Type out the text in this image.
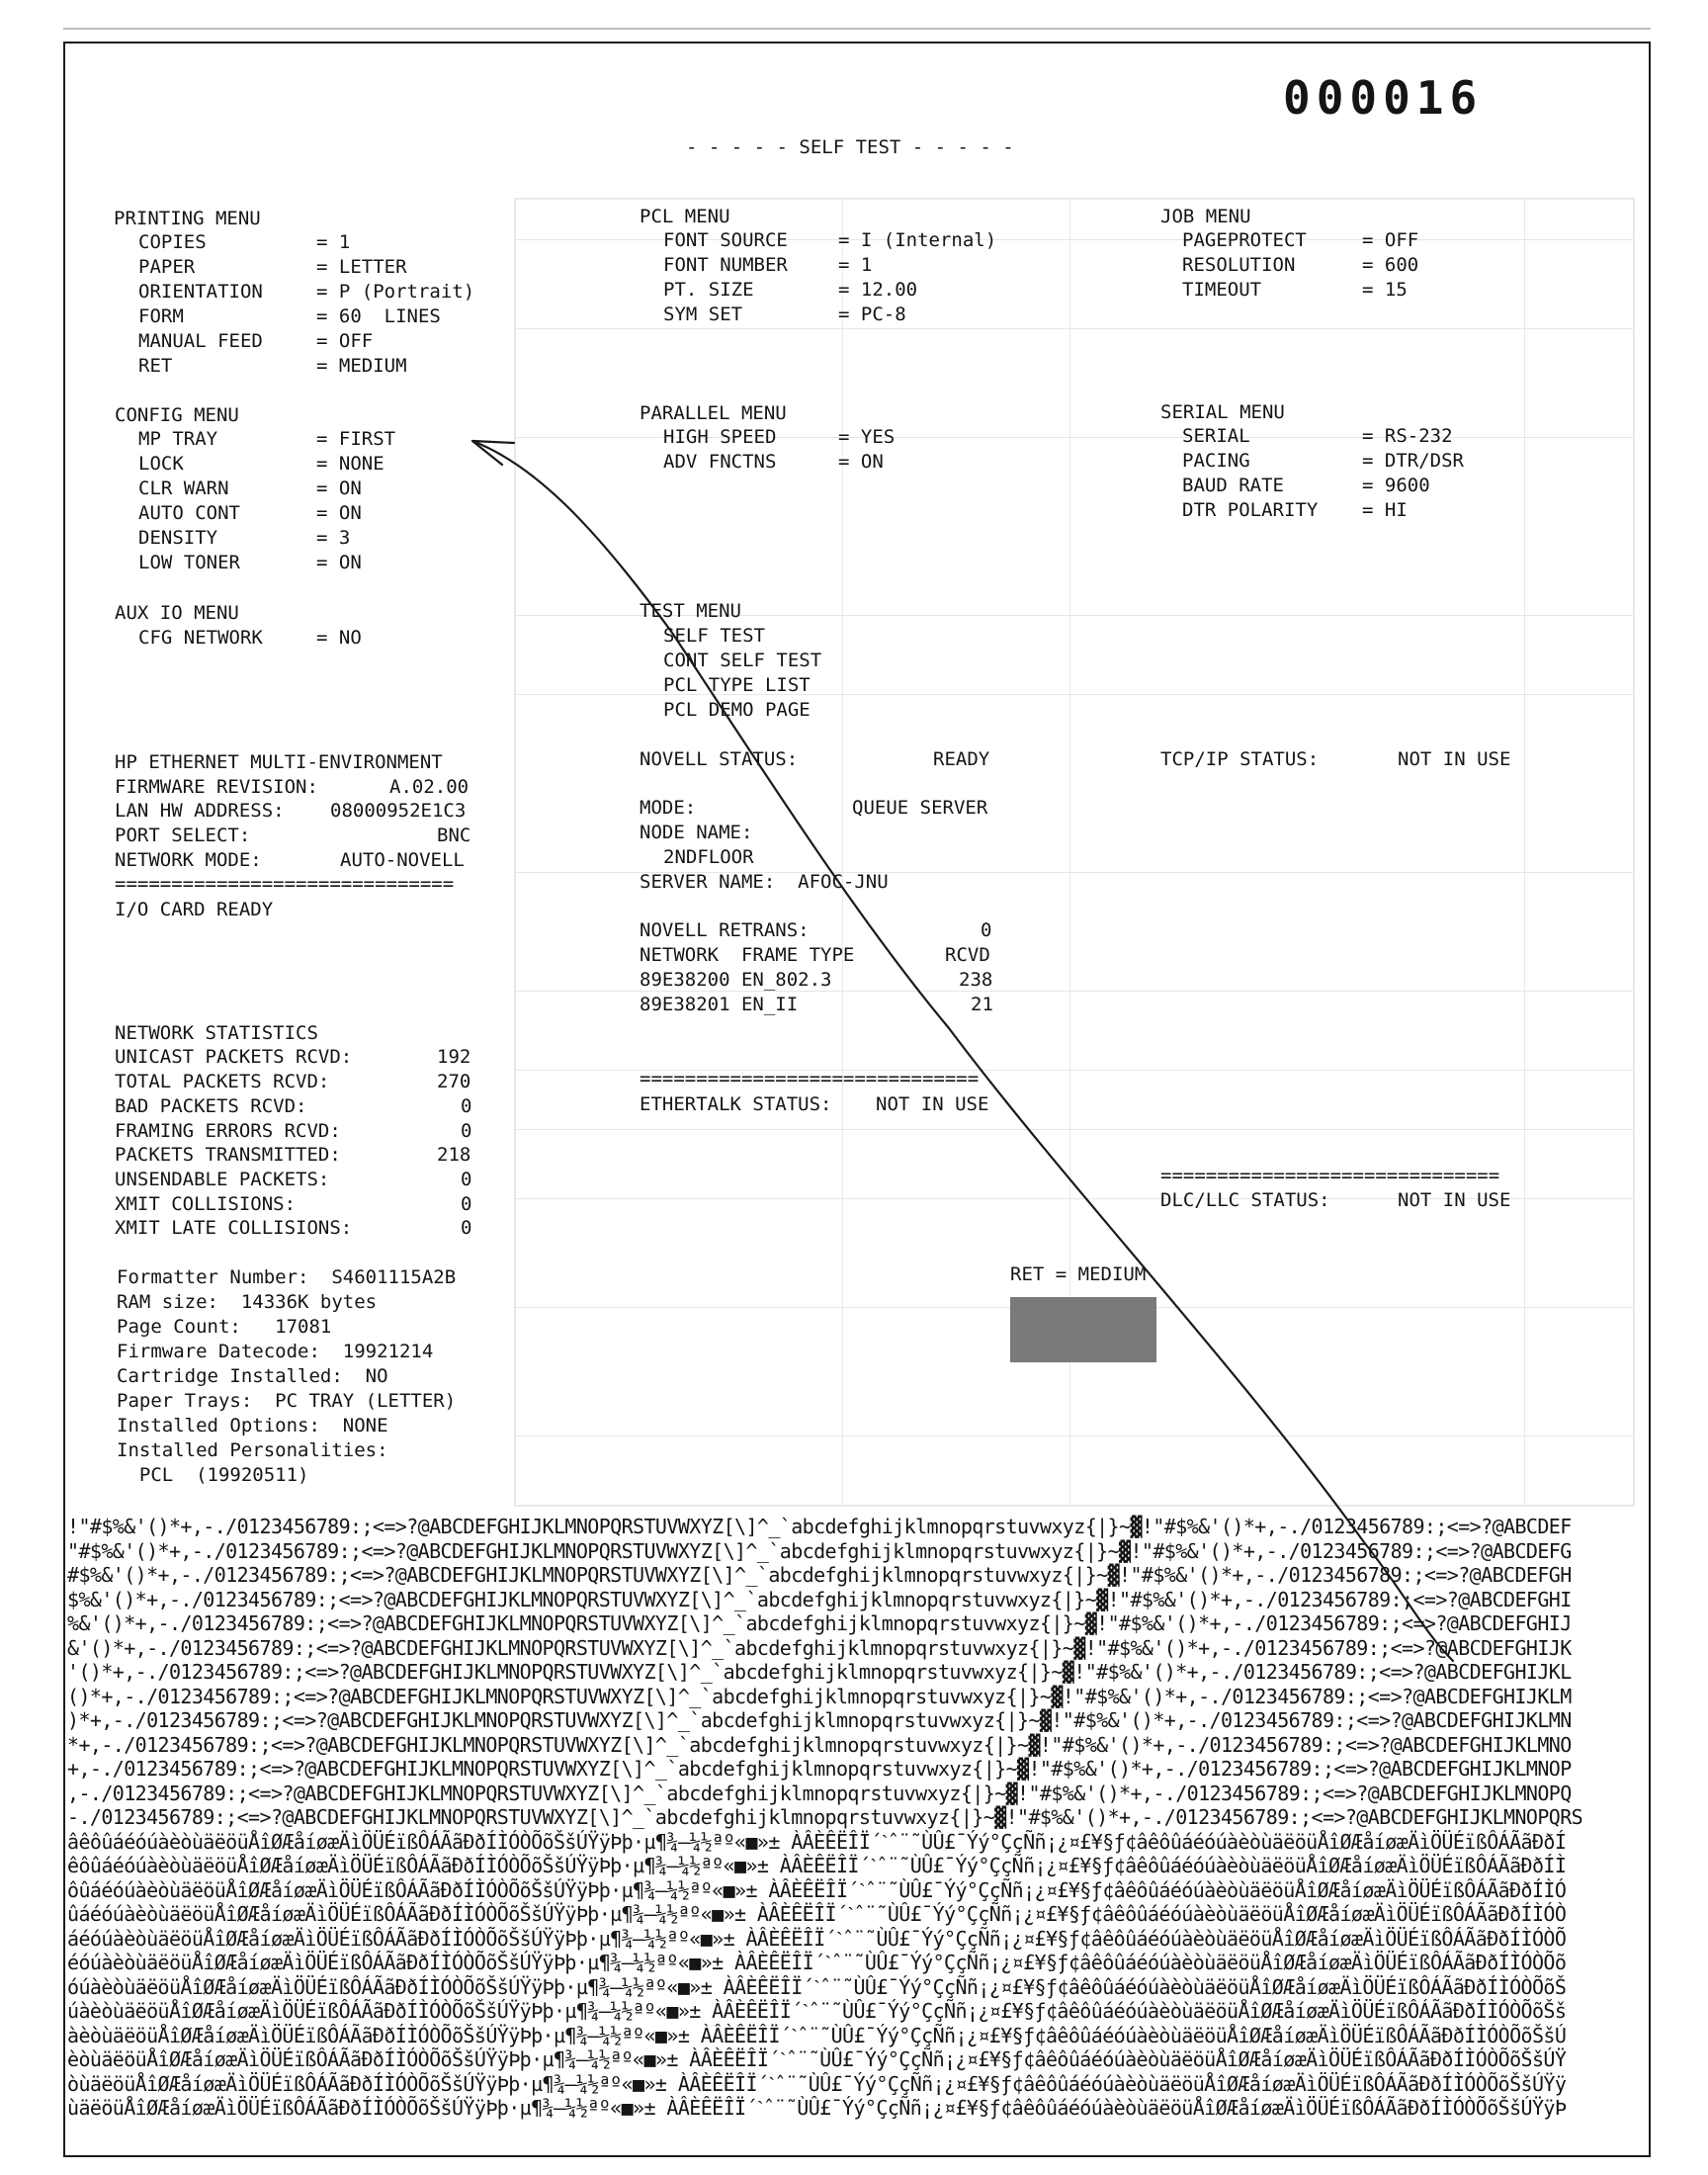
000016
- - - - - SELF TEST - - - - -
PRINTING MENU
COPIES	= 1
PAPER	= LETTER
ORIENTATION	= P (Portrait)
FORM	= 60  LINES
MANUAL FEED	= OFF
RET	= MEDIUM
PCL MENU
FONT SOURCE	= I (Internal)
FONT NUMBER	= 1
PT. SIZE	= 12.00
SYM SET	= PC-8
JOB MENU
PAGEPROTECT	= OFF
RESOLUTION	= 600
TIMEOUT	= 15
CONFIG MENU
MP TRAY	= FIRST
LOCK	= NONE
CLR WARN	= ON
AUTO CONT	= ON
DENSITY	= 3
LOW TONER	= ON
PARALLEL MENU
HIGH SPEED	= YES
ADV FNCTNS	= ON
SERIAL MENU
SERIAL	= RS-232
PACING	= DTR/DSR
BAUD RATE	= 9600
DTR POLARITY = HI
AUX IO MENU
CFG NETWORK	= NO
TEST MENU
SELF TEST
CONT SELF TEST
PCL TYPE LIST
PCL DEMO PAGE
HP ETHERNET MULTI-ENVIRONMENT
FIRMWARE REVISION:	A.02.00
LAN HW ADDRESS: 08000952E1C3
PORT SELECT:	BNC
NETWORK MODE:	AUTO-NOVELL
==============================
I/O CARD READY
NOVELL STATUS:	READY
MODE:	QUEUE SERVER
NODE NAME:
2NDFLOOR
SERVER NAME:  AFOC-JNU
NOVELL RETRANS:	0
NETWORK  FRAME TYPE	RCVD
89E38200 EN_802.3	238
89E38201 EN_II	21
TCP/IP STATUS:	NOT IN USE
==============================
ETHERTALK STATUS: NOT IN USE
==============================
DLC/LLC STATUS:	NOT IN USE
NETWORK STATISTICS
UNICAST PACKETS RCVD:	192
TOTAL PACKETS RCVD:	270
BAD PACKETS RCVD:	0
FRAMING ERRORS RCVD:	0
PACKETS TRANSMITTED:	218
UNSENDABLE PACKETS:	0
XMIT COLLISIONS:	0
XMIT LATE COLLISIONS:	0
Formatter Number:  S4601115A2B
RAM size:  14336K bytes
Page Count:   17081
Firmware Datecode:  19921214
Cartridge Installed:  NO
Paper Trays:  PC TRAY (LETTER)
Installed Options:  NONE
Installed Personalities:
PCL  (19920511)
RET = MEDIUM
!"#$%&'()*+,-./0123456789:;<=>?@ABCDEFGHIJKLMNOPQRSTUVWXYZ[\]^_`abcdefghijklmnopqrstuvwxyz{|}~▓!"#$%&'()*+,-./0123456789:;<=>?@ABCDEF
"#$%&'()*+,-./0123456789:;<=>?@ABCDEFGHIJKLMNOPQRSTUVWXYZ[\]^_`abcdefghijklmnopqrstuvwxyz{|}~▓!"#$%&'()*+,-./0123456789:;<=>?@ABCDEFG
#$%&'()*+,-./0123456789:;<=>?@ABCDEFGHIJKLMNOPQRSTUVWXYZ[\]^_`abcdefghijklmnopqrstuvwxyz{|}~▓!"#$%&'()*+,-./0123456789:;<=>?@ABCDEFGH
$%&'()*+,-./0123456789:;<=>?@ABCDEFGHIJKLMNOPQRSTUVWXYZ[\]^_`abcdefghijklmnopqrstuvwxyz{|}~▓!"#$%&'()*+,-./0123456789:;<=>?@ABCDEFGHI
%&'()*+,-./0123456789:;<=>?@ABCDEFGHIJKLMNOPQRSTUVWXYZ[\]^_`abcdefghijklmnopqrstuvwxyz{|}~▓!"#$%&'()*+,-./0123456789:;<=>?@ABCDEFGHIJ
&'()*+,-./0123456789:;<=>?@ABCDEFGHIJKLMNOPQRSTUVWXYZ[\]^_`abcdefghijklmnopqrstuvwxyz{|}~▓!"#$%&'()*+,-./0123456789:;<=>?@ABCDEFGHIJK
'()*+,-./0123456789:;<=>?@ABCDEFGHIJKLMNOPQRSTUVWXYZ[\]^_`abcdefghijklmnopqrstuvwxyz{|}~▓!"#$%&'()*+,-./0123456789:;<=>?@ABCDEFGHIJKL
()*+,-./0123456789:;<=>?@ABCDEFGHIJKLMNOPQRSTUVWXYZ[\]^_`abcdefghijklmnopqrstuvwxyz{|}~▓!"#$%&'()*+,-./0123456789:;<=>?@ABCDEFGHIJKLM
)*+,-./0123456789:;<=>?@ABCDEFGHIJKLMNOPQRSTUVWXYZ[\]^_`abcdefghijklmnopqrstuvwxyz{|}~▓!"#$%&'()*+,-./0123456789:;<=>?@ABCDEFGHIJKLMN
*+,-./0123456789:;<=>?@ABCDEFGHIJKLMNOPQRSTUVWXYZ[\]^_`abcdefghijklmnopqrstuvwxyz{|}~▓!"#$%&'()*+,-./0123456789:;<=>?@ABCDEFGHIJKLMNO
+,-./0123456789:;<=>?@ABCDEFGHIJKLMNOPQRSTUVWXYZ[\]^_`abcdefghijklmnopqrstuvwxyz{|}~▓!"#$%&'()*+,-./0123456789:;<=>?@ABCDEFGHIJKLMNOP
,-./0123456789:;<=>?@ABCDEFGHIJKLMNOPQRSTUVWXYZ[\]^_`abcdefghijklmnopqrstuvwxyz{|}~▓!"#$%&'()*+,-./0123456789:;<=>?@ABCDEFGHIJKLMNOPQ
-./0123456789:;<=>?@ABCDEFGHIJKLMNOPQRSTUVWXYZ[\]^_`abcdefghijklmnopqrstuvwxyz{|}~▓!"#$%&'()*+,-./0123456789:;<=>?@ABCDEFGHIJKLMNOPQRS
âêôûáéóúàèòùäëöüÅîØÆåíøæÄìÖÜÉïßÔÁÃãÐðÍÌÓÒÕõŠšÚŸÿÞþ·µ¶¾—¼½ªº«■»± ÀÂÈÊËÎÏ´ˋˆ¨˜ÙÛ£¯Ýý°ÇçÑñ¡¿¤£¥§ƒ¢âêôûáéóúàèòùäëöüÅîØÆåíøæÄìÖÜÉïßÔÁÃãÐðÍ
êôûáéóúàèòùäëöüÅîØÆåíøæÄìÖÜÉïßÔÁÃãÐðÍÌÓÒÕõŠšÚŸÿÞþ·µ¶¾—¼½ªº«■»± ÀÂÈÊËÎÏ´ˋˆ¨˜ÙÛ£¯Ýý°ÇçÑñ¡¿¤£¥§ƒ¢âêôûáéóúàèòùäëöüÅîØÆåíøæÄìÖÜÉïßÔÁÃãÐðÍÌ
ôûáéóúàèòùäëöüÅîØÆåíøæÄìÖÜÉïßÔÁÃãÐðÍÌÓÒÕõŠšÚŸÿÞþ·µ¶¾—¼½ªº«■»± ÀÂÈÊËÎÏ´ˋˆ¨˜ÙÛ£¯Ýý°ÇçÑñ¡¿¤£¥§ƒ¢âêôûáéóúàèòùäëöüÅîØÆåíøæÄìÖÜÉïßÔÁÃãÐðÍÌÓ
ûáéóúàèòùäëöüÅîØÆåíøæÄìÖÜÉïßÔÁÃãÐðÍÌÓÒÕõŠšÚŸÿÞþ·µ¶¾—¼½ªº«■»± ÀÂÈÊËÎÏ´ˋˆ¨˜ÙÛ£¯Ýý°ÇçÑñ¡¿¤£¥§ƒ¢âêôûáéóúàèòùäëöüÅîØÆåíøæÄìÖÜÉïßÔÁÃãÐðÍÌÓÒ
áéóúàèòùäëöüÅîØÆåíøæÄìÖÜÉïßÔÁÃãÐðÍÌÓÒÕõŠšÚŸÿÞþ·µ¶¾—¼½ªº«■»± ÀÂÈÊËÎÏ´ˋˆ¨˜ÙÛ£¯Ýý°ÇçÑñ¡¿¤£¥§ƒ¢âêôûáéóúàèòùäëöüÅîØÆåíøæÄìÖÜÉïßÔÁÃãÐðÍÌÓÒÕ
éóúàèòùäëöüÅîØÆåíøæÄìÖÜÉïßÔÁÃãÐðÍÌÓÒÕõŠšÚŸÿÞþ·µ¶¾—¼½ªº«■»± ÀÂÈÊËÎÏ´ˋˆ¨˜ÙÛ£¯Ýý°ÇçÑñ¡¿¤£¥§ƒ¢âêôûáéóúàèòùäëöüÅîØÆåíøæÄìÖÜÉïßÔÁÃãÐðÍÌÓÒÕõ
óúàèòùäëöüÅîØÆåíøæÄìÖÜÉïßÔÁÃãÐðÍÌÓÒÕõŠšÚŸÿÞþ·µ¶¾—¼½ªº«■»± ÀÂÈÊËÎÏ´ˋˆ¨˜ÙÛ£¯Ýý°ÇçÑñ¡¿¤£¥§ƒ¢âêôûáéóúàèòùäëöüÅîØÆåíøæÄìÖÜÉïßÔÁÃãÐðÍÌÓÒÕõŠ
úàèòùäëöüÅîØÆåíøæÄìÖÜÉïßÔÁÃãÐðÍÌÓÒÕõŠšÚŸÿÞþ·µ¶¾—¼½ªº«■»± ÀÂÈÊËÎÏ´ˋˆ¨˜ÙÛ£¯Ýý°ÇçÑñ¡¿¤£¥§ƒ¢âêôûáéóúàèòùäëöüÅîØÆåíøæÄìÖÜÉïßÔÁÃãÐðÍÌÓÒÕõŠš
àèòùäëöüÅîØÆåíøæÄìÖÜÉïßÔÁÃãÐðÍÌÓÒÕõŠšÚŸÿÞþ·µ¶¾—¼½ªº«■»± ÀÂÈÊËÎÏ´ˋˆ¨˜ÙÛ£¯Ýý°ÇçÑñ¡¿¤£¥§ƒ¢âêôûáéóúàèòùäëöüÅîØÆåíøæÄìÖÜÉïßÔÁÃãÐðÍÌÓÒÕõŠšÚ
èòùäëöüÅîØÆåíøæÄìÖÜÉïßÔÁÃãÐðÍÌÓÒÕõŠšÚŸÿÞþ·µ¶¾—¼½ªº«■»± ÀÂÈÊËÎÏ´ˋˆ¨˜ÙÛ£¯Ýý°ÇçÑñ¡¿¤£¥§ƒ¢âêôûáéóúàèòùäëöüÅîØÆåíøæÄìÖÜÉïßÔÁÃãÐðÍÌÓÒÕõŠšÚŸ
òùäëöüÅîØÆåíøæÄìÖÜÉïßÔÁÃãÐðÍÌÓÒÕõŠšÚŸÿÞþ·µ¶¾—¼½ªº«■»± ÀÂÈÊËÎÏ´ˋˆ¨˜ÙÛ£¯Ýý°ÇçÑñ¡¿¤£¥§ƒ¢âêôûáéóúàèòùäëöüÅîØÆåíøæÄìÖÜÉïßÔÁÃãÐðÍÌÓÒÕõŠšÚŸÿ
ùäëöüÅîØÆåíøæÄìÖÜÉïßÔÁÃãÐðÍÌÓÒÕõŠšÚŸÿÞþ·µ¶¾—¼½ªº«■»± ÀÂÈÊËÎÏ´ˋˆ¨˜ÙÛ£¯Ýý°ÇçÑñ¡¿¤£¥§ƒ¢âêôûáéóúàèòùäëöüÅîØÆåíøæÄìÖÜÉïßÔÁÃãÐðÍÌÓÒÕõŠšÚŸÿÞ
